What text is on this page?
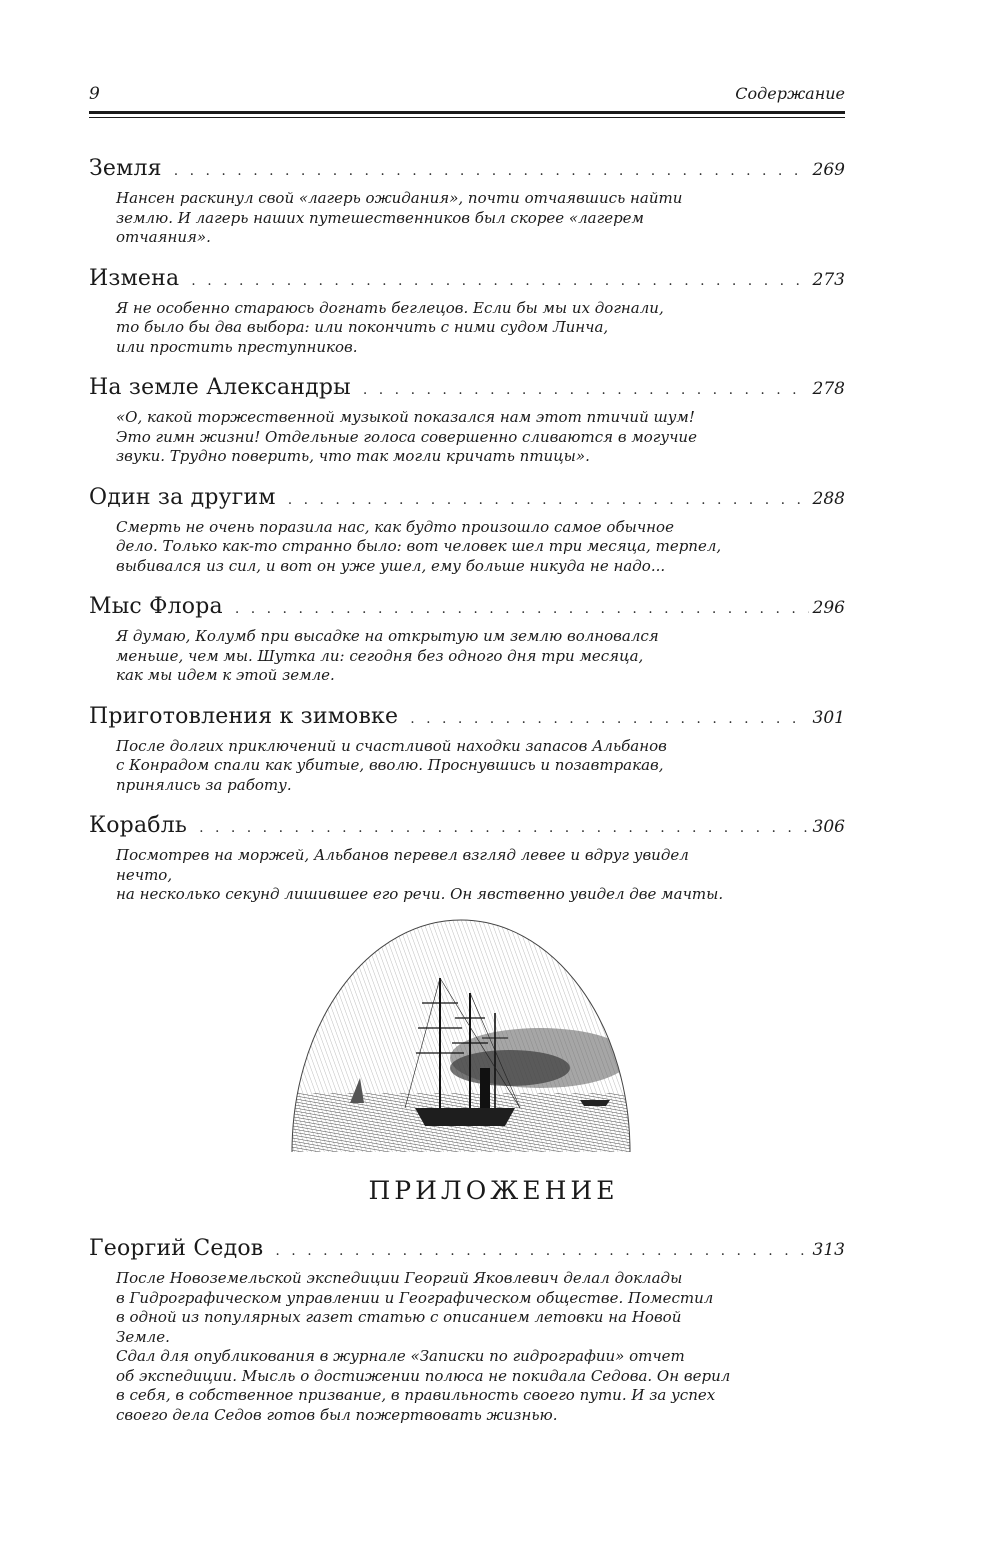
9	Содержание
Земля . . .	269
Нансен раскинул свой «лагерь ожидания», почти отчаявшись найти
землю. И лагерь наших путешественников был скорее «лагерем отчаяния».
Измена . . .	273
Я не особенно стараюсь догнать беглецов. Если бы мы их догнали,
то было бы два выбора: или покончить с ними судом Линча,
или простить преступников.
На земле Александры . . .	278
«О, какой торжественной музыкой показался нам этот птичий шум!
Это гимн жизни! Отдельные голоса совершенно сливаются в могучие
звуки. Трудно поверить, что так могли кричать птицы».
Один за другим . . .	288
Смерть не очень поразила нас, как будто произошло самое обычное
дело. Только как-то странно было: вот человек шел три месяца, терпел,
выбивался из сил, и вот он уже ушел, ему больше никуда не надо...
Мыс Флора . . .	296
Я думаю, Колумб при высадке на открытую им землю волновался
меньше, чем мы. Шутка ли: сегодня без одного дня три месяца,
как мы идем к этой земле.
Приготовления к зимовке . . .	301
После долгих приключений и счастливой находки запасов Альбанов
с Конрадом спали как убитые, вволю. Проснувшись и позавтракав,
принялись за работу.
Корабль . . .	306
Посмотрев на моржей, Альбанов перевел взгляд левее и вдруг увидел нечто,
на несколько секунд лишившее его речи. Он явственно увидел две мачты.
ПРИЛОЖЕНИЕ
Георгий Седов . . .	313
После Новоземельской экспедиции Георгий Яковлевич делал доклады
в Гидрографическом управлении и Географическом обществе. Поместил
в одной из популярных газет статью с описанием летовки на Новой Земле.
Сдал для опубликования в журнале «Записки по гидрографии» отчет
об экспедиции. Мысль о достижении полюса не покидала Седова. Он верил
в себя, в собственное призвание, в правильность своего пути. И за успех
своего дела Седов готов был пожертвовать жизнью.
